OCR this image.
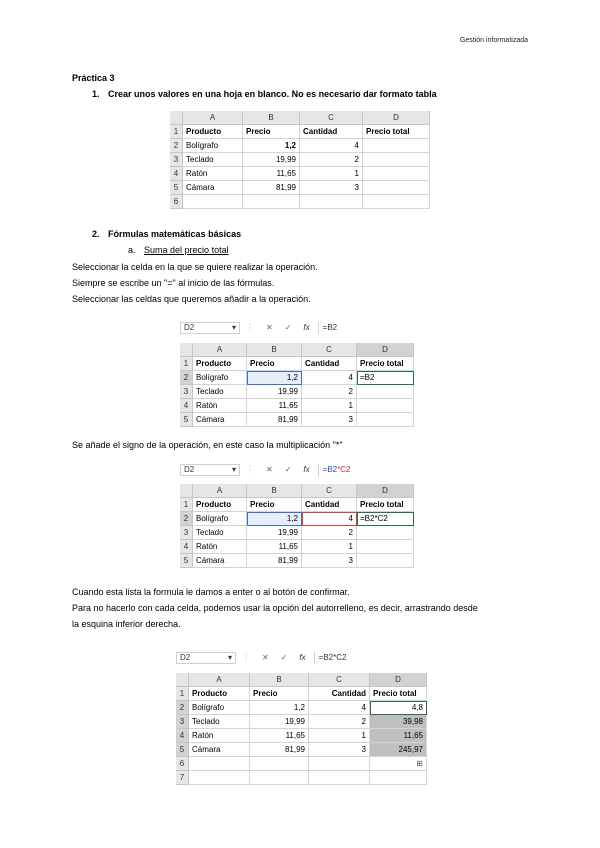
Gestión informatizada
Práctica 3
1. Crear unos valores en una hoja en blanco. No es necesario dar formato tabla
	A	B	C	D
1	Producto	Precio	Cantidad	Precio total
2	Bolígrafo	1,2	4	
3	Teclado	19,99	2	
4	Ratón	11,65	1	
5	Cámara	81,99	3	
6				
2. Fórmulas matemáticas básicas
a. Suma del precio total
Seleccionar la celda en la que se quiere realizar la operación.
Siempre se escribe un "=" al inicio de las fórmulas.
Seleccionar las celdas que queremos añadir a la operación.
D2	▾ ⋮ ✕ ✓ fx =B2
	A	B	C	D
1	Producto	Precio	Cantidad	Precio total
2	Bolígrafo	1,2	4	=B2
3	Teclado	19,99	2	
4	Ratón	11,65	1	
5	Cámara	81,99	3	
Se añade el signo de la operación, en este caso la multiplicación "*"
D2	▾ ⋮ ✕ ✓ fx =B2 *C2
	A	B	C	D
1	Producto	Precio	Cantidad	Precio total
2	Bolígrafo	1,2	4	=B2*C2
3	Teclado	19,99	2	
4	Ratón	11,65	1	
5	Cámara	81,99	3	
Cuando esta lista la formula le damos a enter o al botón de confirmar.
Para no hacerlo con cada celda, podemos usar la opción del autorrelleno, es decir, arrastrando desde
la esquina inferior derecha.
D2	▾ ⋮ ✕ ✓ fx =B2*C2
	A	B	C	D
1	Producto	Precio	Cantidad	Precio total
2	Bolígrafo	1,2	4	4,8
3	Teclado	19,99	2	39,98
4	Ratón	11,65	1	11,65
5	Cámara	81,99	3	245,97
6				⊞
7				
